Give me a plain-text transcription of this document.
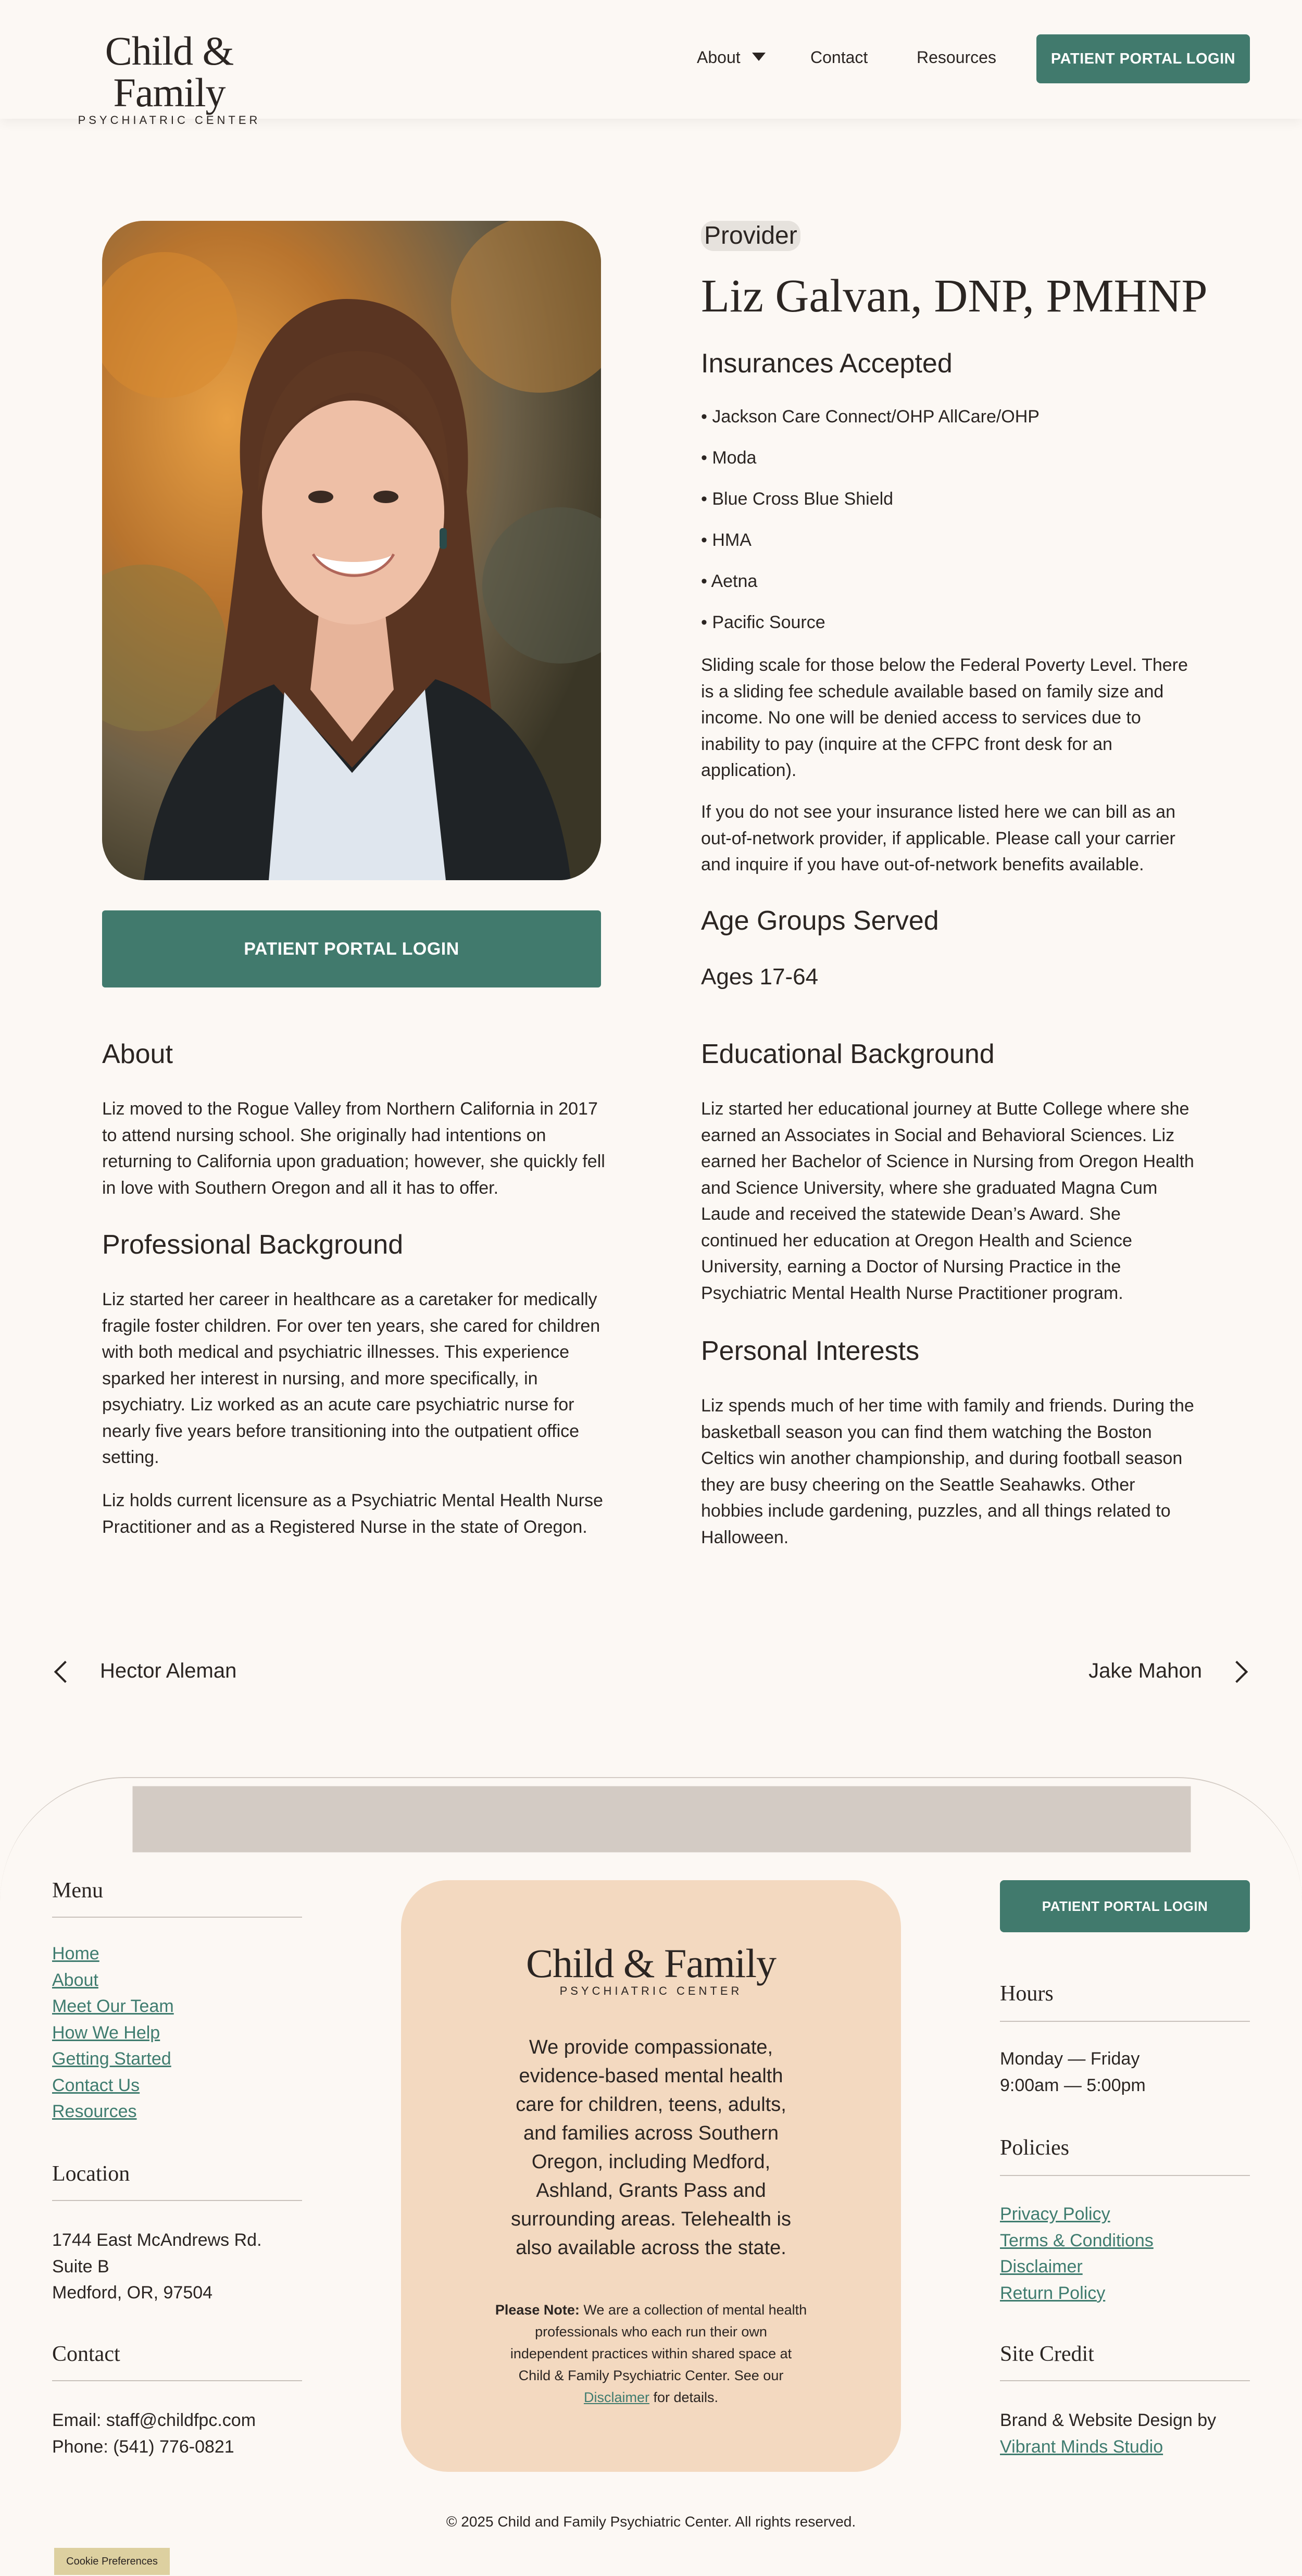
Child & Family
PSYCHIATRIC CENTER
About	Contact	Resources	PATIENT PORTAL LOGIN
PATIENT PORTAL LOGIN
Provider
Liz Galvan, DNP, PMHNP
Insurances Accepted
• Jackson Care Connect/OHP AllCare/OHP
• Moda
• Blue Cross Blue Shield
• HMA
• Aetna
• Pacific Source
Sliding scale for those below the Federal Poverty Level. There is a sliding fee schedule available based on family size and income. No one will be denied access to services due to inability to pay (inquire at the CFPC front desk for an application).
If you do not see your insurance listed here we can bill as an out-of-network provider, if applicable. Please call your carrier and inquire if you have out-of-network benefits available.
Age Groups Served
Ages 17-64
About
Liz moved to the Rogue Valley from Northern California in 2017 to attend nursing school. She originally had intentions on returning to California upon graduation; however, she quickly fell in love with Southern Oregon and all it has to offer.
Professional Background
Liz started her career in healthcare as a caretaker for medically fragile foster children. For over ten years, she cared for children with both medical and psychiatric illnesses. This experience sparked her interest in nursing, and more specifically, in psychiatry. Liz worked as an acute care psychiatric nurse for nearly five years before transitioning into the outpatient office setting.
Liz holds current licensure as a Psychiatric Mental Health Nurse Practitioner and as a Registered Nurse in the state of Oregon.
Educational Background
Liz started her educational journey at Butte College where she earned an Associates in Social and Behavioral Sciences. Liz earned her Bachelor of Science in Nursing from Oregon Health and Science University, where she graduated Magna Cum Laude and received the statewide Dean’s Award. She continued her education at Oregon Health and Science University, earning a Doctor of Nursing Practice in the Psychiatric Mental Health Nurse Practitioner program.
Personal Interests
Liz spends much of her time with family and friends. During the basketball season you can find them watching the Boston Celtics win another championship, and during football season they are busy cheering on the Seattle Seahawks. Other hobbies include gardening, puzzles, and all things related to Halloween.
Hector Aleman	Jake Mahon
Menu
Home
About
Meet Our Team
How We Help
Getting Started
Contact Us
Resources
Location
1744 East McAndrews Rd.
Suite B
Medford, OR, 97504
Contact
Email: staff@childfpc.com
Phone: (541) 776-0821
Child & Family
PSYCHIATRIC CENTER
We provide compassionate, evidence-based mental health care for children, teens, adults, and families across Southern Oregon, including Medford, Ashland, Grants Pass and surrounding areas. Telehealth is also available across the state.
Please Note: We are a collection of mental health professionals who each run their own independent practices within shared space at Child & Family Psychiatric Center. See our Disclaimer for details.
PATIENT PORTAL LOGIN
Hours
Monday — Friday
9:00am — 5:00pm
Policies
Privacy Policy
Terms & Conditions
Disclaimer
Return Policy
Site Credit
Brand & Website Design by
Vibrant Minds Studio
© 2025 Child and Family Psychiatric Center. All rights reserved.
Cookie Preferences
